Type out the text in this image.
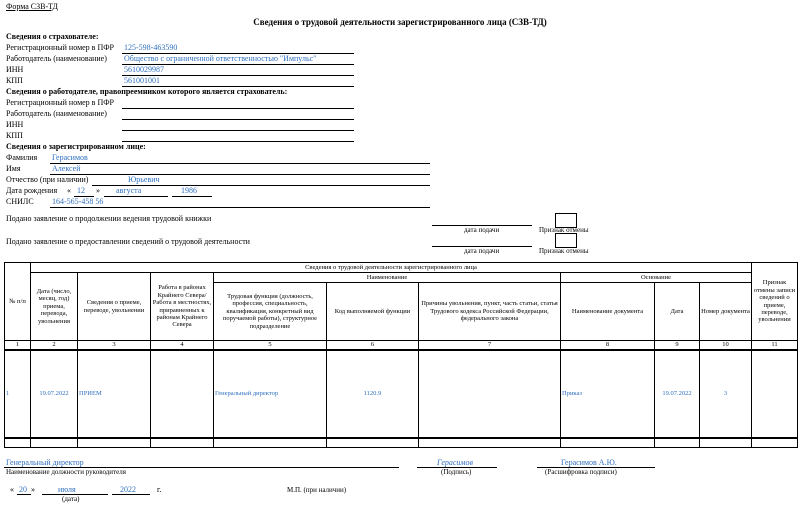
Форма СЗВ-ТД
Сведения о трудовой деятельности зарегистрированного лица (СЗВ-ТД)
Сведения о страхователе:
Регистрационный номер в ПФР 125-598-463590
Работодатель (наименование) Общество с ограниченной ответственностью "Импульс"
ИНН	5610029987
КПП	561001001
Сведения о работодателе, правопреемником которого является страхователь:
Регистрационный номер в ПФР
Работодатель (наименование)
ИНН
КПП
Сведения о зарегистрированном лице:
Фамилия Герасимов
Имя	Алексей
Отчество (при наличии)	Юрьевич
Дата рождения « 12 » августа	1986
СНИЛС 164-565-458 56
Подано заявление о продолжении ведения трудовой книжки
дата подачи	Признак отмены
Подано заявление о предоставлении сведений о трудовой деятельности
дата подачи	Признак отмены
№ п/п	Сведения о трудовой деятельности зарегистрированного лица									Признак отмены записи сведений о приеме, переводе, увольнении
	Дата (число, месяц, год) приема, перевода, увольнения	Сведения о приеме, переводе, увольнении	Работа в районах Крайнего Севера/Работа в местностях, приравненных к районам Крайнего Севера	Наименование			Основание			
				Трудовая функция (должность, профессия, специальность, квалификация, конкретный вид поручаемой работы), структурное подразделение	Код выполняемой функции	Причины увольнения, пункт, часть статьи, статья Трудового кодекса Российской Федерации, федерального закона	Наименование документа	Дата	Номер документа	
1	2	3	4	5	6	7	8	9	10	11
1	19.07.2022	ПРИЕМ		Генеральный директор	1120.9		Приказ	19.07.2022	3	

Генеральный директор
Наименование должности руководителя
Герасимов
(Подпись)
Герасимов А.Ю.
(Расшифровка подписи)
« 20 »	июля	2022	г.
(дата)
М.П. (при наличии)
